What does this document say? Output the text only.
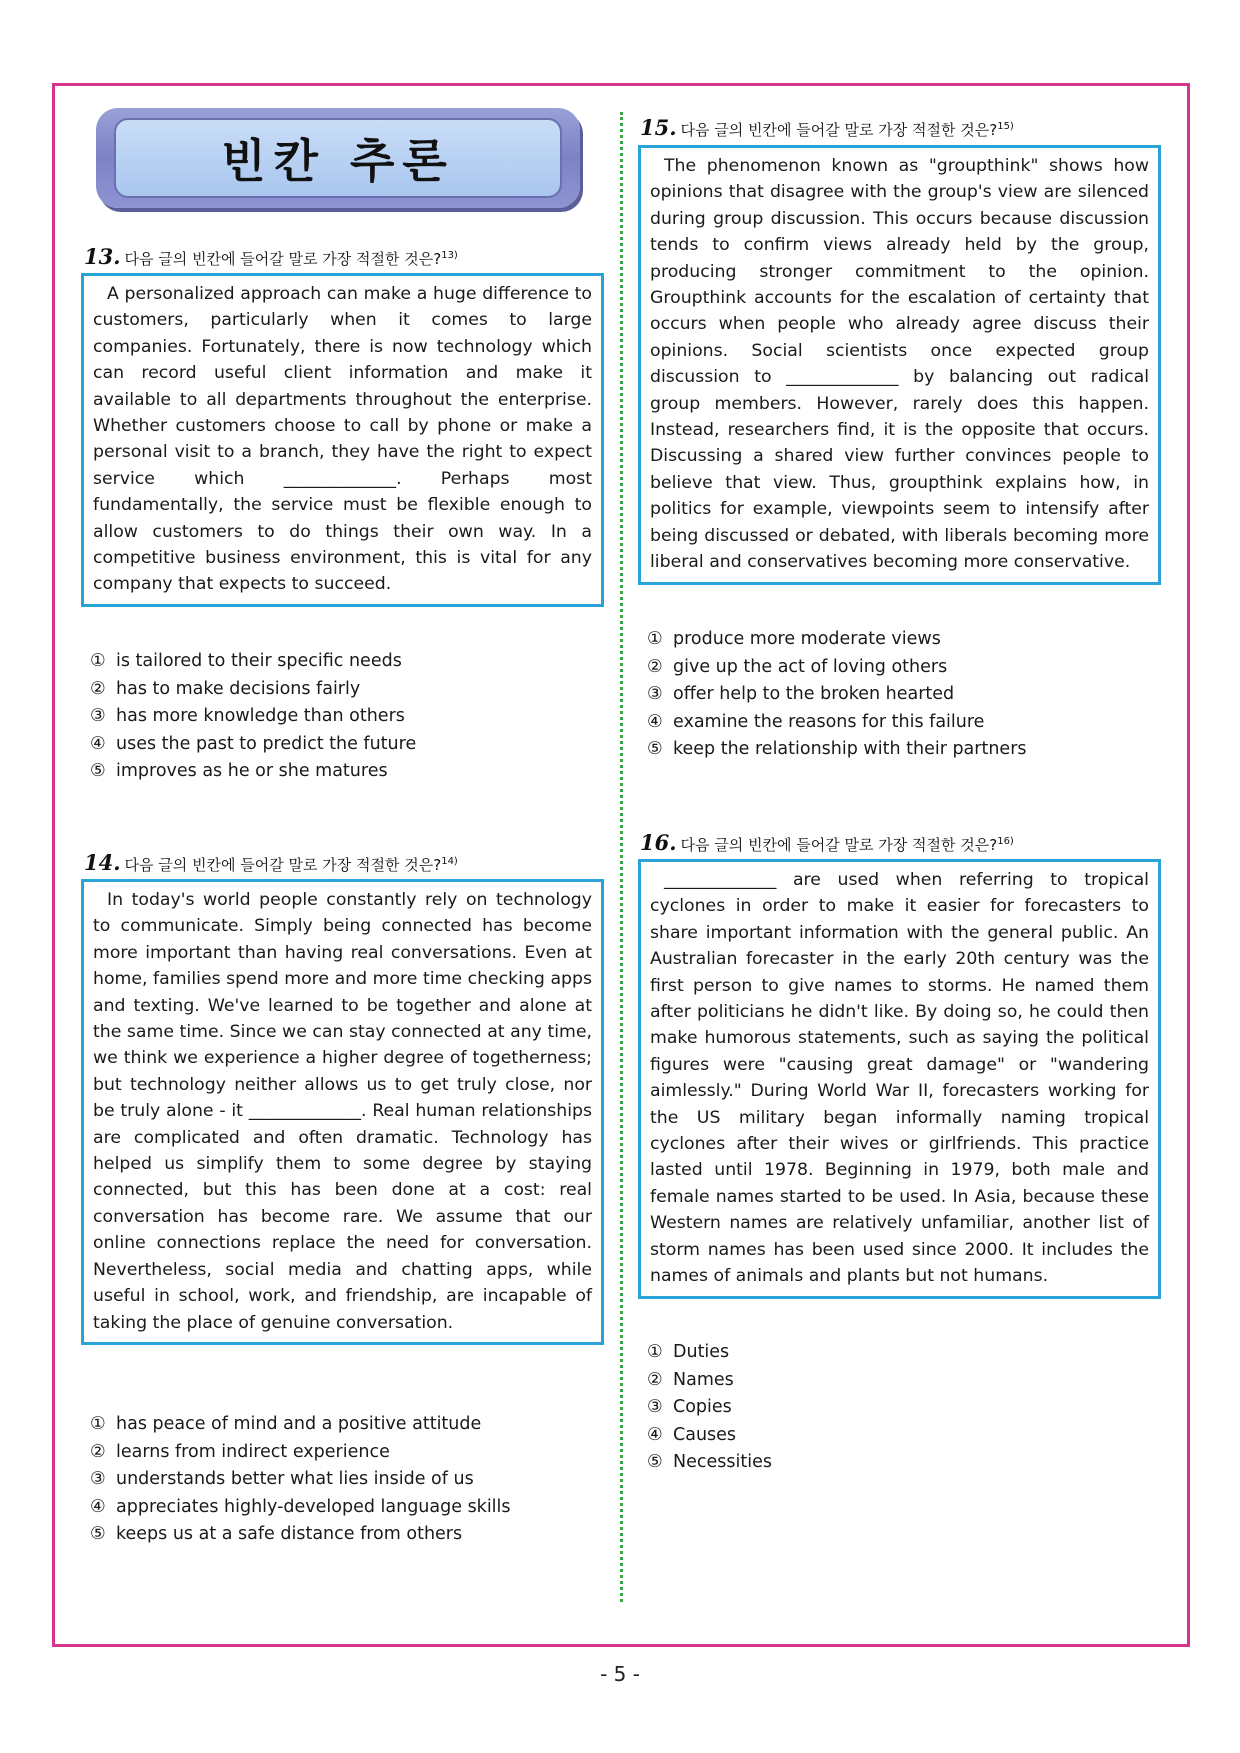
빈칸 추론
13. 다음 글의 빈칸에 들어갈 말로 가장 적절한 것은?$^{13)}$

A personalized approach can make a huge difference to customers, particularly when it comes to large companies. Fortunately, there is now technology which can record useful client information and make it available to all departments throughout the enterprise. Whether customers choose to call by phone or make a personal visit to a branch, they have the right to expect service which _____________. Perhaps most fundamentally, the service must be flexible enough to allow customers to do things their own way. In a competitive business environment, this is vital for any company that expects to succeed.

① is tailored to their specific needs
② has to make decisions fairly
③ has more knowledge than others
④ uses the past to predict the future
⑤ improves as he or she matures
14. 다음 글의 빈칸에 들어갈 말로 가장 적절한 것은?$^{14)}$

In today's world people constantly rely on technology to communicate. Simply being connected has become more important than having real conversations. Even at home, families spend more and more time checking apps and texting. We've learned to be together and alone at the same time. Since we can stay connected at any time, we think we experience a higher degree of togetherness; but technology neither allows us to get truly close, nor be truly alone - it _____________. Real human relationships are complicated and often dramatic. Technology has helped us simplify them to some degree by staying connected, but this has been done at a cost: real conversation has become rare. We assume that our online connections replace the need for conversation. Nevertheless, social media and chatting apps, while useful in school, work, and friendship, are incapable of taking the place of genuine conversation.

① has peace of mind and a positive attitude
② learns from indirect experience
③ understands better what lies inside of us
④ appreciates highly-developed language skills
⑤ keeps us at a safe distance from others
15. 다음 글의 빈칸에 들어갈 말로 가장 적절한 것은?$^{15)}$

The phenomenon known as "groupthink" shows how opinions that disagree with the group's view are silenced during group discussion. This occurs because discussion tends to confirm views already held by the group, producing stronger commitment to the opinion. Groupthink accounts for the escalation of certainty that occurs when people who already agree discuss their opinions. Social scientists once expected group discussion to _____________ by balancing out radical group members. However, rarely does this happen. Instead, researchers find, it is the opposite that occurs. Discussing a shared view further convinces people to believe that view. Thus, groupthink explains how, in politics for example, viewpoints seem to intensify after being discussed or debated, with liberals becoming more liberal and conservatives becoming more conservative.

① produce more moderate views
② give up the act of loving others
③ offer help to the broken hearted
④ examine the reasons for this failure
⑤ keep the relationship with their partners
16. 다음 글의 빈칸에 들어갈 말로 가장 적절한 것은?$^{16)}$

_____________ are used when referring to tropical cyclones in order to make it easier for forecasters to share important information with the general public. An Australian forecaster in the early 20th century was the first person to give names to storms. He named them after politicians he didn't like. By doing so, he could then make humorous statements, such as saying the political figures were "causing great damage" or "wandering aimlessly." During World War II, forecasters working for the US military began informally naming tropical cyclones after their wives or girlfriends. This practice lasted until 1978. Beginning in 1979, both male and female names started to be used. In Asia, because these Western names are relatively unfamiliar, another list of storm names has been used since 2000. It includes the names of animals and plants but not humans.

① Duties
② Names
③ Copies
④ Causes
⑤ Necessities
- 5 -
